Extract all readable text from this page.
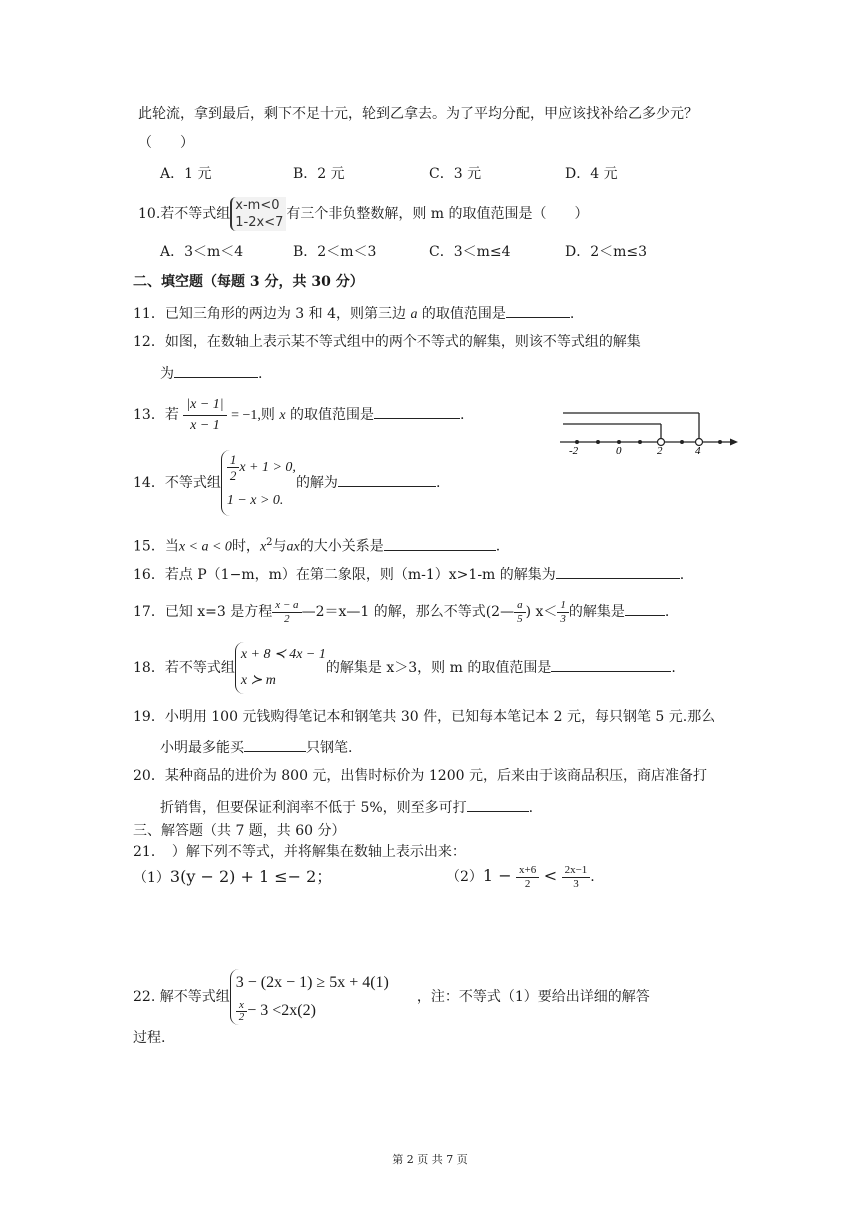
此轮流，拿到最后，剩下不足十元，轮到乙拿去。为了平均分配，甲应该找补给乙多少元？
（　　）
A．1 元	B．2 元	C．3 元	D．4 元
10.若不等式组
x-m<0
1-2x<7
有三个非负整数解，则 m 的取值范围是（　　）
A．3＜m＜4	B．2＜m＜3	C．3＜m≤4	D．2＜m≤3
二、填空题（每题 3 分，共 30 分）
11．已知三角形的两边为 3 和 4，则第三边 a 的取值范围是	.
12．如图，在数轴上表示某不等式组中的两个不等式的解集，则该不等式组的解集
为	.
13．若 $\frac{|x - 1|}{x - 1} = -1$,则 x 的取值范围是	.
-2	0	2	4
14．不等式组 $\frac{1}{2}$ x + 1 > 0,
1 − x > 0.
的解为	.
15．当x < a < 0时，$x^2$与ax的大小关系是	.
16．若点 P（1−m，m）在第二象限，则（m-1）x>1-m 的解集为	.
17．已知 x=3 是方程 $\frac{x - a}{2}$ —2＝x—1 的解，那么不等式(2— $\frac{a}{5}$ ) $x< \frac{1}{3}$ 的解集是	.
18．若不等式组
x + 8 ≺ 4x − 1
x ≻ m
的解集是 x＞3，则 m 的取值范围是	.
19．小明用 100 元钱购得笔记本和钢笔共 30 件，已知每本笔记本 2 元，每只钢笔 5 元.那么
小明最多能买	只钢笔.
20．某种商品的进价为 800 元，出售时标价为 1200 元，后来由于该商品积压，商店准备打
折销售，但要保证利润率不低于 5%，则至多可打	.
三、解答题（共 7 题，共 60 分）
21．　）解下列不等式，并将解集在数轴上表示出来：
（1）3(y − 2) + 1 ≤− 2；	$(2)1 - \frac{x+6}{2} < \frac{2x-1}{3}$ .
22. 解不等式组
3 − (2x − 1) ≥ 5x + 4(1)
$\frac{x}{2} - 3 <2x(2)$
，注：不等式（1）要给出详细的解答
过程.
第 2 页 共 7 页
